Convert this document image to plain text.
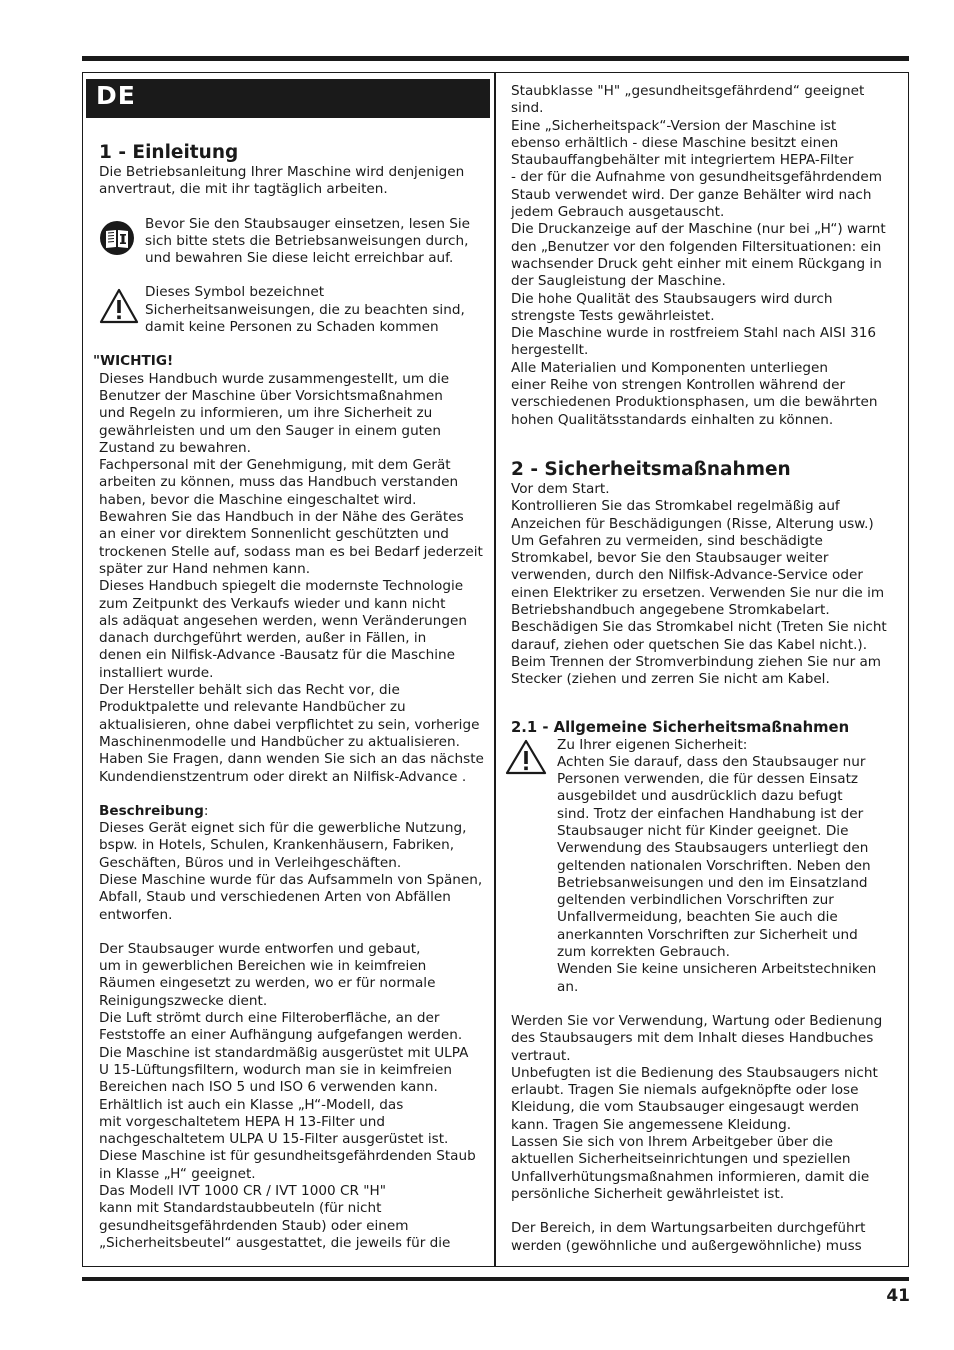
DE
1 - Einleitung

Die Betriebsanleitung Ihrer Maschine wird denjenigen
anvertraut, die mit ihr tagtäglich arbeiten.

Bevor Sie den Staubsauger einsetzen, lesen Sie
sich bitte stets die Betriebsanweisungen durch,
und bewahren Sie diese leicht erreichbar auf.

Dieses Symbol bezeichnet
Sicherheitsanweisungen, die zu beachten sind,
damit keine Personen zu Schaden kommen

"WICHTIG!

Dieses Handbuch wurde zusammengestellt, um die
Benutzer der Maschine über Vorsichtsmaßnahmen
und Regeln zu informieren, um ihre Sicherheit zu
gewährleisten und um den Sauger in einem guten
Zustand zu bewahren.
Fachpersonal mit der Genehmigung, mit dem Gerät
arbeiten zu können, muss das Handbuch verstanden
haben, bevor die Maschine eingeschaltet wird.
Bewahren Sie das Handbuch in der Nähe des Gerätes
an einer vor direktem Sonnenlicht geschützten und
trockenen Stelle auf, sodass man es bei Bedarf jederzeit
später zur Hand nehmen kann.
Dieses Handbuch spiegelt die modernste Technologie
zum Zeitpunkt des Verkaufs wieder und kann nicht
als adäquat angesehen werden, wenn Veränderungen
danach durchgeführt werden, außer in Fällen, in
denen ein Nilfisk-Advance -Bausatz für die Maschine
installiert wurde.
Der Hersteller behält sich das Recht vor, die
Produktpalette und relevante Handbücher zu
aktualisieren, ohne dabei verpflichtet zu sein, vorherige
Maschinenmodelle und Handbücher zu aktualisieren.
Haben Sie Fragen, dann wenden Sie sich an das nächste
Kundendienstzentrum oder direkt an Nilfisk-Advance .

Beschreibung:

Dieses Gerät eignet sich für die gewerbliche Nutzung,
bspw. in Hotels, Schulen, Krankenhäusern, Fabriken,
Geschäften, Büros und in Verleihgeschäften.
Diese Maschine wurde für das Aufsammeln von Spänen,
Abfall, Staub und verschiedenen Arten von Abfällen
entworfen.

Der Staubsauger wurde entworfen und gebaut,
um in gewerblichen Bereichen wie in keimfreien
Räumen eingesetzt zu werden, wo er für normale
Reinigungszwecke dient.
Die Luft strömt durch eine Filteroberfläche, an der
Feststoffe an einer Aufhängung aufgefangen werden.
Die Maschine ist standardmäßig ausgerüstet mit ULPA
U 15-Lüftungsfiltern, wodurch man sie in keimfreien
Bereichen nach ISO 5 und ISO 6 verwenden kann.
Erhältlich ist auch ein Klasse „H“-Modell, das
mit vorgeschaltetem HEPA H 13-Filter und
nachgeschaltetem ULPA U 15-Filter ausgerüstet ist.
Diese Maschine ist für gesundheitsgefährdenden Staub
in Klasse „H“ geeignet.
Das Modell IVT 1000 CR / IVT 1000 CR "H"
kann mit Standardstaubbeuteln (für nicht
gesundheitsgefährdenden Staub) oder einem
„Sicherheitsbeutel“ ausgestattet, die jeweils für die

Staubklasse "H" „gesundheitsgefährdend“ geeignet
sind.
Eine „Sicherheitspack“-Version der Maschine ist
ebenso erhältlich - diese Maschine besitzt einen
Staubauffangbehälter mit integriertem HEPA-Filter
- der für die Aufnahme von gesundheitsgefährdendem
Staub verwendet wird. Der ganze Behälter wird nach
jedem Gebrauch ausgetauscht.
Die Druckanzeige auf der Maschine (nur bei „H“) warnt
den „Benutzer vor den folgenden Filtersituationen: ein
wachsender Druck geht einher mit einem Rückgang in
der Saugleistung der Maschine.
Die hohe Qualität des Staubsaugers wird durch
strengste Tests gewährleistet.
Die Maschine wurde in rostfreiem Stahl nach AISI 316
hergestellt.
Alle Materialien und Komponenten unterliegen
einer Reihe von strengen Kontrollen während der
verschiedenen Produktionsphasen, um die bewährten
hohen Qualitätsstandards einhalten zu können.

2 - Sicherheitsmaßnahmen

Vor dem Start.
Kontrollieren Sie das Stromkabel regelmäßig auf
Anzeichen für Beschädigungen (Risse, Alterung usw.)
Um Gefahren zu vermeiden, sind beschädigte
Stromkabel, bevor Sie den Staubsauger weiter
verwenden, durch den Nilfisk-Advance-Service oder
einen Elektriker zu ersetzen. Verwenden Sie nur die im
Betriebshandbuch angegebene Stromkabelart.
Beschädigen Sie das Stromkabel nicht (Treten Sie nicht
darauf, ziehen oder quetschen Sie das Kabel nicht.).
Beim Trennen der Stromverbindung ziehen Sie nur am
Stecker (ziehen und zerren Sie nicht am Kabel.

2.1 - Allgemeine Sicherheitsmaßnahmen

Zu Ihrer eigenen Sicherheit:
Achten Sie darauf, dass den Staubsauger nur
Personen verwenden, die für dessen Einsatz
ausgebildet und ausdrücklich dazu befugt
sind. Trotz der einfachen Handhabung ist der
Staubsauger nicht für Kinder geeignet. Die
Verwendung des Staubsaugers unterliegt den
geltenden nationalen Vorschriften. Neben den
Betriebsanweisungen und den im Einsatzland
geltenden verbindlichen Vorschriften zur
Unfallvermeidung, beachten Sie auch die
anerkannten Vorschriften zur Sicherheit und
zum korrekten Gebrauch.
Wenden Sie keine unsicheren Arbeitstechniken
an.

Werden Sie vor Verwendung, Wartung oder Bedienung
des Staubsaugers mit dem Inhalt dieses Handbuches
vertraut.
Unbefugten ist die Bedienung des Staubsaugers nicht
erlaubt. Tragen Sie niemals aufgeknöpfte oder lose
Kleidung, die vom Staubsauger eingesaugt werden
kann. Tragen Sie angemessene Kleidung.
Lassen Sie sich von Ihrem Arbeitgeber über die
aktuellen Sicherheitseinrichtungen und speziellen
Unfallverhütungsmaßnahmen informieren, damit die
persönliche Sicherheit gewährleistet ist.

Der Bereich, in dem Wartungsarbeiten durchgeführt
werden (gewöhnliche und außergewöhnliche) muss

41
